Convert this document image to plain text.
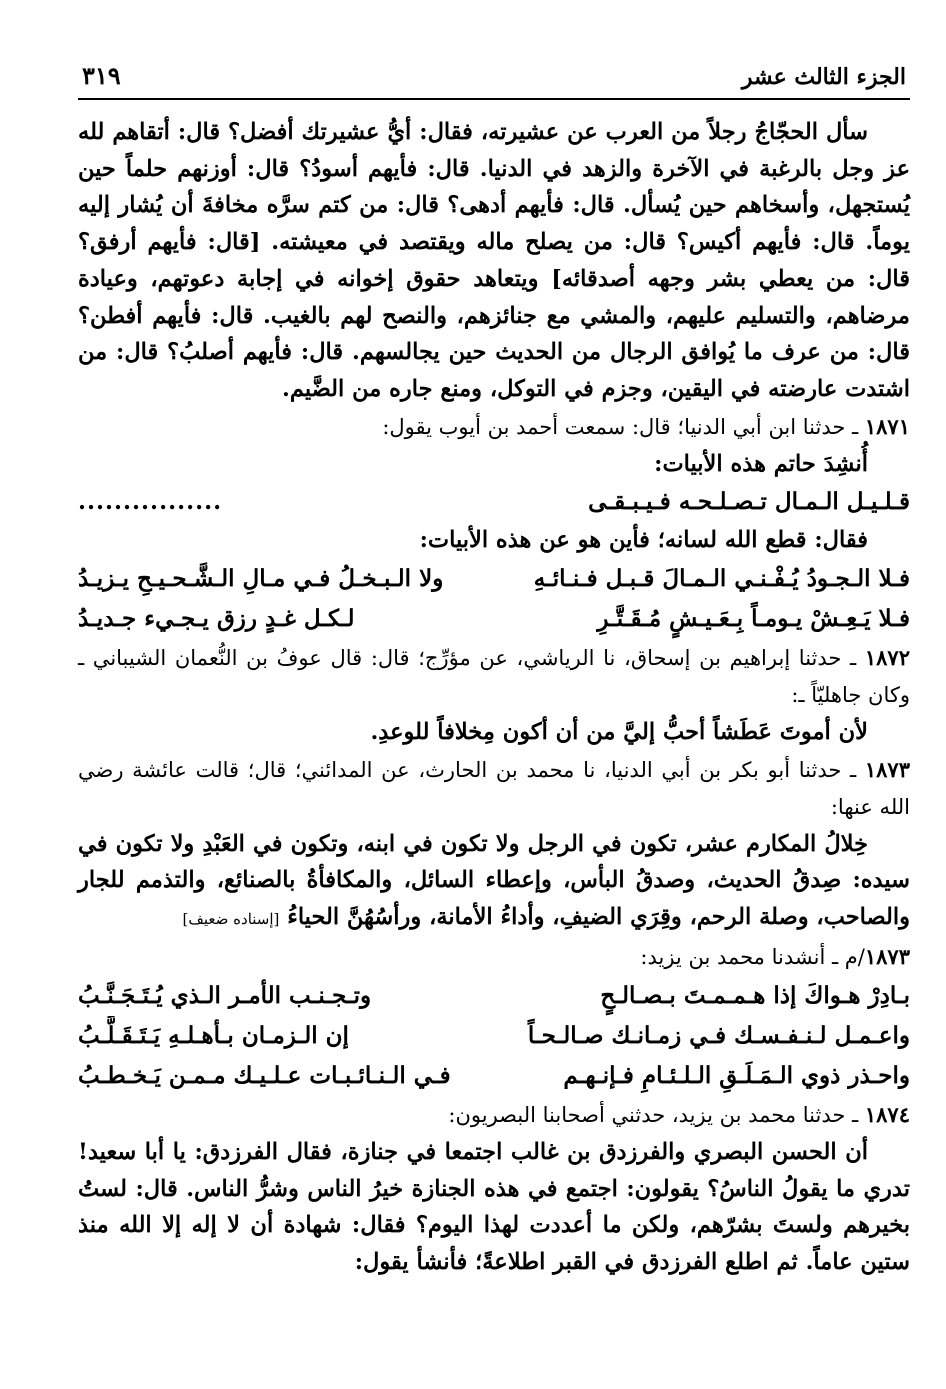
الجزء الثالث عشر
٣١٩

سأل الحجّاجُ رجلاً من العرب عن عشيرته، فقال: أيُّ عشيرتك أفضل؟ قال: أتقاهم لله عز وجل بالرغبة في الآخرة والزهد في الدنيا. قال: فأيهم أسودُ؟ قال: أوزنهم حلماً حين يُستجهل، وأسخاهم حين يُسأل. قال: فأيهم أدهى؟ قال: من كتم سرَّه مخافةَ أن يُشار إليه يوماً. قال: فأيهم أكيس؟ قال: من يصلح ماله ويقتصد في معيشته. [قال: فأيهم أرفق؟ قال: من يعطي بشر وجهه أصدقائه] ويتعاهد حقوق إخوانه في إجابة دعوتهم، وعيادة مرضاهم، والتسليم عليهم، والمشي مع جنائزهم، والنصح لهم بالغيب. قال: فأيهم أفطن؟ قال: من عرف ما يُوافق الرجال من الحديث حين يجالسهم. قال: فأيهم أصلبُ؟ قال: من اشتدت عارضته في اليقين، وجزم في التوكل، ومنع جاره من الضَّيم.

١٨٧١ ـ حدثنا ابن أبي الدنيا؛ قال: سمعت أحمد بن أيوب يقول:

أُنشِدَ حاتم هذه الأبيات:

قـلـيـل الـمـال تـصـلـحـه فـيـبـقـى
................

فقال: قطع الله لسانه؛ فأين هو عن هذه الأبيات:

فـلا الـجـودُ يُـفْـنـي الـمـالَ قـبـل فـنـائـهِ
ولا الـبـخـلُ فـي مـالِ الـشَّـحـيـحِ يـزيـدُ
فـلا يَـعِـشْ يـومـاً بِـعَـيـشٍ مُـقَـتَّـرِ
لـكـل غـدٍ رزق يـجـيء جـديـدُ

١٨٧٢ ـ حدثنا إبراهيم بن إسحاق، نا الرياشي، عن مؤرِّج؛ قال: قال عوفُ بن النُّعمان الشيباني ـ وكان جاهليّاً ـ:

لأن أموتَ عَطَشاً أحبُّ إليَّ من أن أكون مِخلافاً للوعدِ.

١٨٧٣ ـ حدثنا أبو بكر بن أبي الدنيا، نا محمد بن الحارث، عن المدائني؛ قال؛ قالت عائشة رضي الله عنها:

خِلالُ المكارم عشر، تكون في الرجل ولا تكون في ابنه، وتكون في العَبْدِ ولا تكون في سيده: صِدقُ الحديث، وصدقُ البأس، وإعطاء السائل، والمكافأةُ بالصنائع، والتذمم للجار والصاحب، وصلة الرحم، وقِرَي الضيفِ، وأداءُ الأمانة، ورأسُهُنَّ الحياءُ [إسناده ضعيف]

١٨٧٣/م ـ أنشدنا محمد بن يزيد:

بـادِرْ هـواكَ إذا هـمـمـتَ بـصـالـحٍ
وتـجـنـب الأمـر الـذي يُـتَـجَـنَّـبُ
واعـمـل لـنـفـسـك فـي زمـانـك صـالـحـاً
إن الـزمـان بـأهـلـهِ يَـتَـقَـلَّـبُ
واحـذر ذوي الـمَـلَـقِ الـلـئـامِ فـإنـهـم
فـي الـنـائـبـات عـلـيـك مـمـن يَـخـطـبُ

١٨٧٤ ـ حدثنا محمد بن يزيد، حدثني أصحابنا البصريون:

أن الحسن البصري والفرزدق بن غالب اجتمعا في جنازة، فقال الفرزدق: يا أبا سعيد! تدري ما يقولُ الناسُ؟ يقولون: اجتمع في هذه الجنازة خيرُ الناس وشرُّ الناس. قال: لستُ بخيرهم ولستَ بشرّهم، ولكن ما أعددت لهذا اليوم؟ فقال: شهادة أن لا إله إلا الله منذ ستين عاماً. ثم اطلع الفرزدق في القبر اطلاعةً؛ فأنشأ يقول:
